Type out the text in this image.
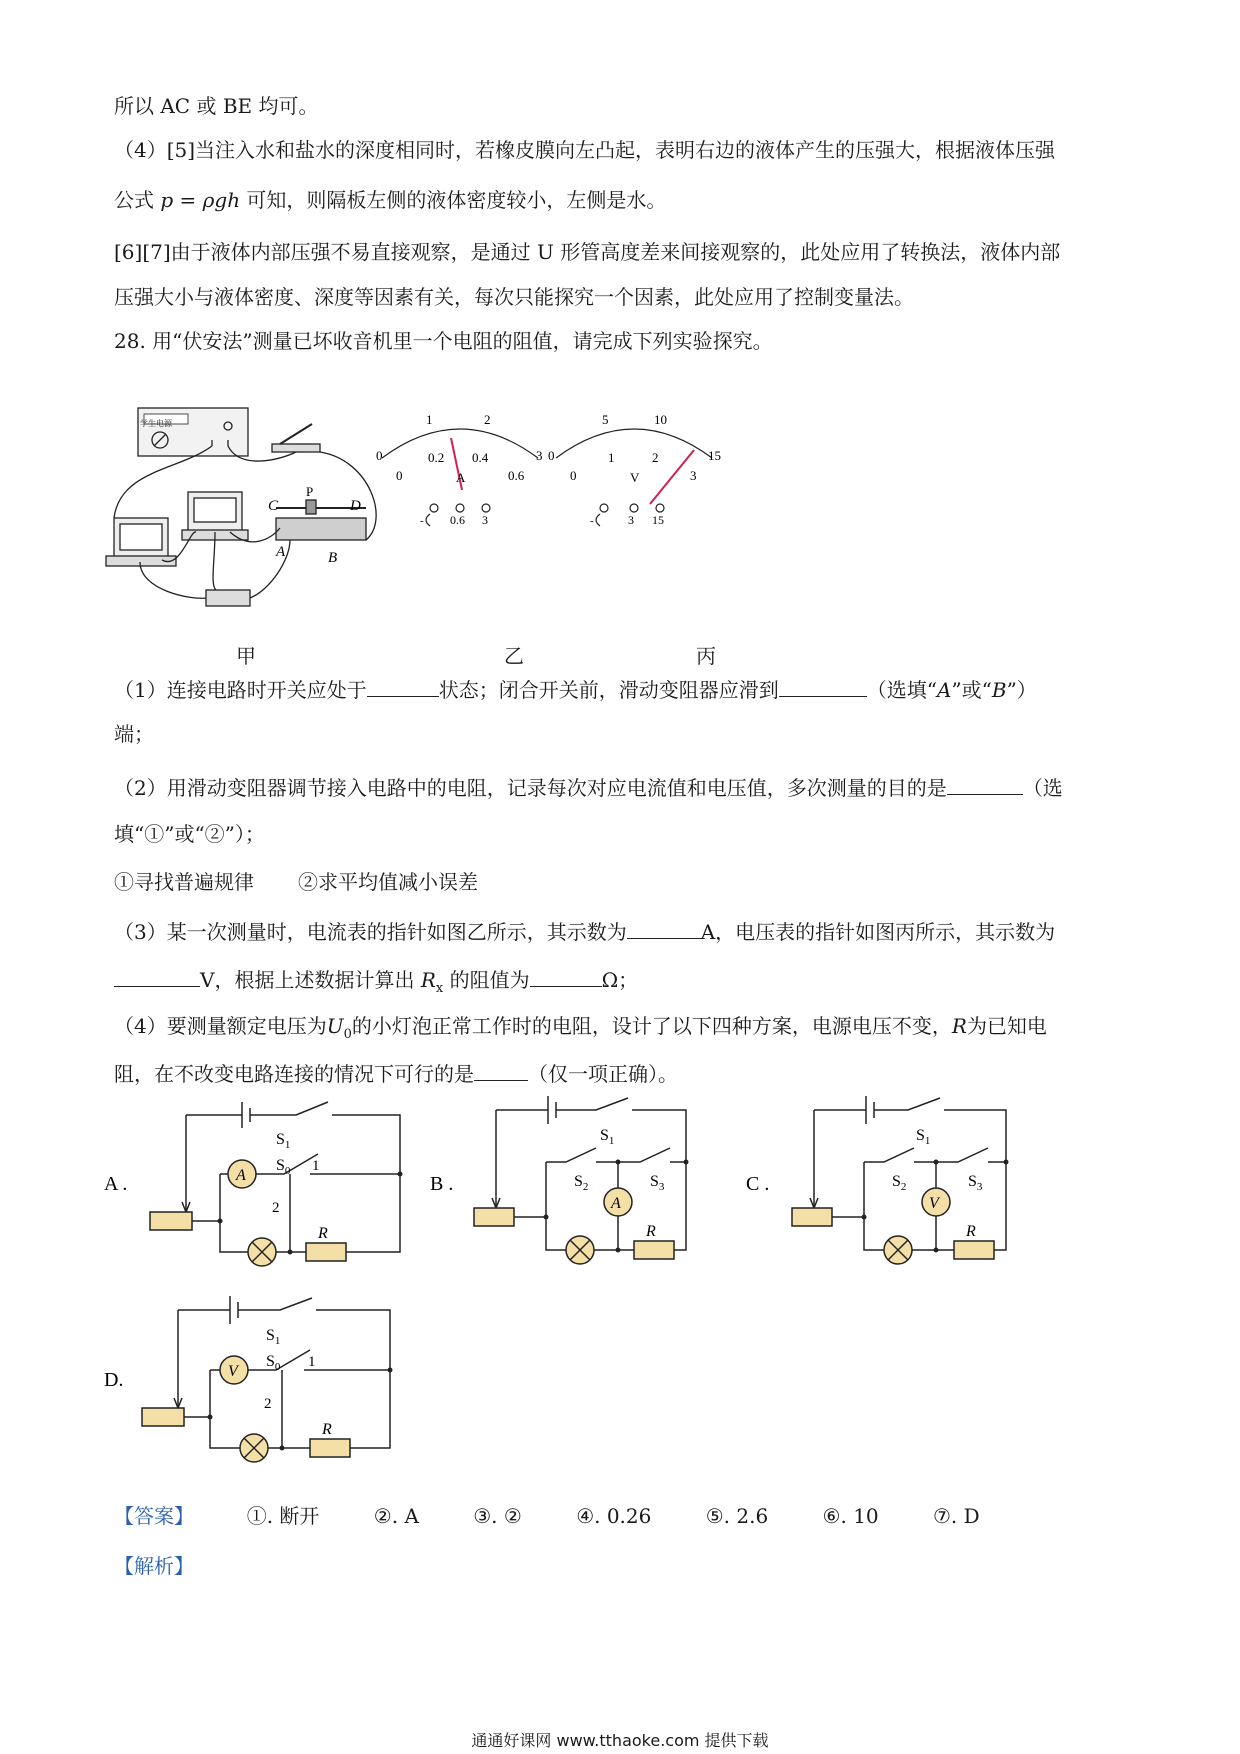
所以 AC 或 BE 均可。
（4）[5]当注入水和盐水的深度相同时，若橡皮膜向左凸起，表明右边的液体产生的压强大，根据液体压强
公式 p = ρgh 可知，则隔板左侧的液体密度较小，左侧是水。
[6][7]由于液体内部压强不易直接观察，是通过 U 形管高度差来间接观察的，此处应用了转换法，液体内部
压强大小与液体密度、深度等因素有关，每次只能探究一个因素，此处应用了控制变量法。
28. 用“伏安法”测量已坏收音机里一个电阻的阻值，请完成下列实验探究。
学生电源
C
P
D
A	B
0
1	2
3
0
0.2 0.4
0.6
A
- 0.6 3
0
5	10
15
0
1	2
3
V
-	3 15
甲	乙	丙
（1）连接电路时开关应处于	状态；闭合开关前，滑动变阻器应滑到	（选填“A”或“B”）
端；
（2）用滑动变阻器调节接入电路中的电阻，记录每次对应电流值和电压值，多次测量的目的是	（选
填“①”或“②”）；
①寻找普遍规律 ②求平均值减小误差
（3）某一次测量时，电流表的指针如图乙所示，其示数为	A，电压表的指针如图丙所示，其示数为
V，根据上述数据计算出 $R_x$ 的阻值为	Ω；
（4）要测量额定电压为$U_0$的小灯泡正常工作时的电阻，设计了以下四种方案，电源电压不变，R为已知电
阻，在不改变电路连接的情况下可行的是	（仅一项正确）。
A .	A
$S_1$
$S_0$ 1
2
R
B .
A
$S_1$
$S_2$	$S_3$
R
C .
V
$S_1$
$S_2$	$S_3$
R
D.	V
$S_1$
$S_0$ 1
2
R
【答案】	①. 断开	②. A	③. ②	④. 0.26	⑤. 2.6	⑥. 10	⑦. D
【解析】
通通好课网 www.tthaoke.com 提供下载
